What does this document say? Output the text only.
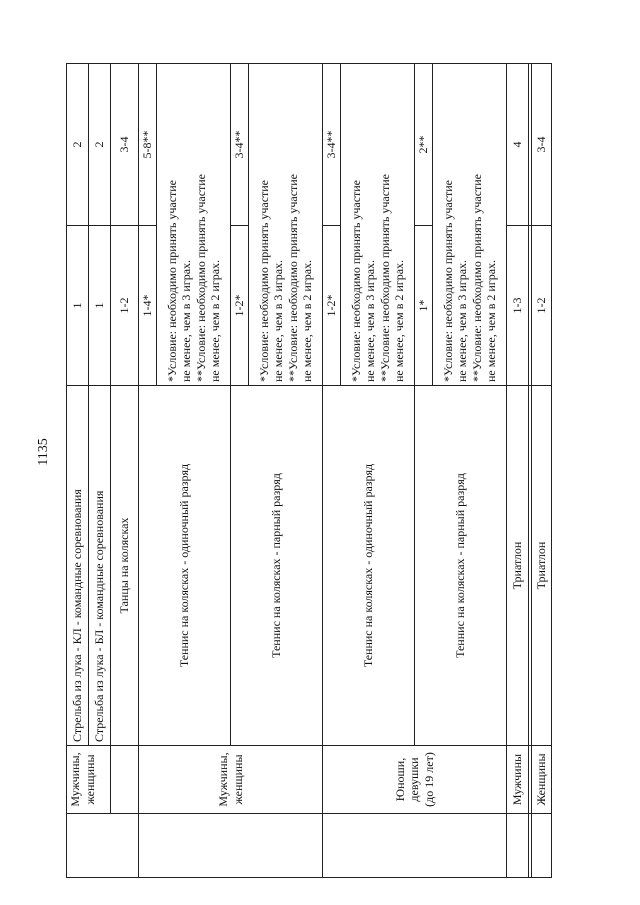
1135

	Мужчины, женщины	Стрельба из лука - КЛ - командные соревнования	1	2
		Стрельба из лука - БЛ - командные соревнования	1	2
		Танцы на колясках	1-2	3-4

	Мужчины, женщины	Теннис на колясках - одиночный разряд	1-4*	5-8**

			*Условие: необходимо принять участие не менее, чем в 3 играх. **Условие: необходимо принять участие не менее, чем в 2 играх.	

		Теннис на колясках - парный разряд	1-2*	3-4**

			*Условие: необходимо принять участие не менее, чем в 3 играх. **Условие: необходимо принять участие не менее, чем в 2 играх.	

	Юноши, девушки (до 19 лет)	Теннис на колясках - одиночный разряд	1-2*	3-4**

			*Условие: необходимо принять участие не менее, чем в 3 играх. **Условие: необходимо принять участие не менее, чем в 2 играх.	

		Теннис на колясках - парный разряд	1*	2**

			*Условие: необходимо принять участие не менее, чем в 3 играх. **Условие: необходимо принять участие не менее, чем в 2 играх.	

	Мужчины	Триатлон	1-3	4

	Женщины	Триатлон	1-2	3-4
